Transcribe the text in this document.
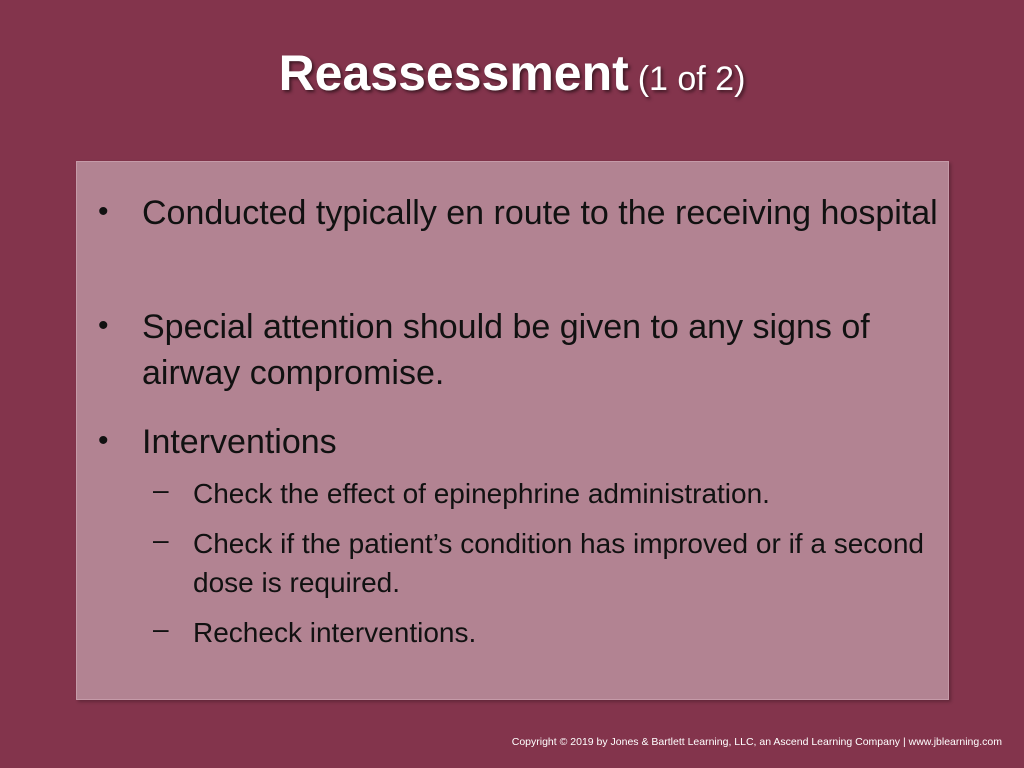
Reassessment (1 of 2)
• Conducted typically en route to the receiving hospital
• Special attention should be given to any signs of airway compromise.
• Interventions
– Check the effect of epinephrine administration.
– Check if the patient’s condition has improved or if a second dose is required.
– Recheck interventions.
Copyright © 2019 by Jones & Bartlett Learning, LLC, an Ascend Learning Company | www.jblearning.com
